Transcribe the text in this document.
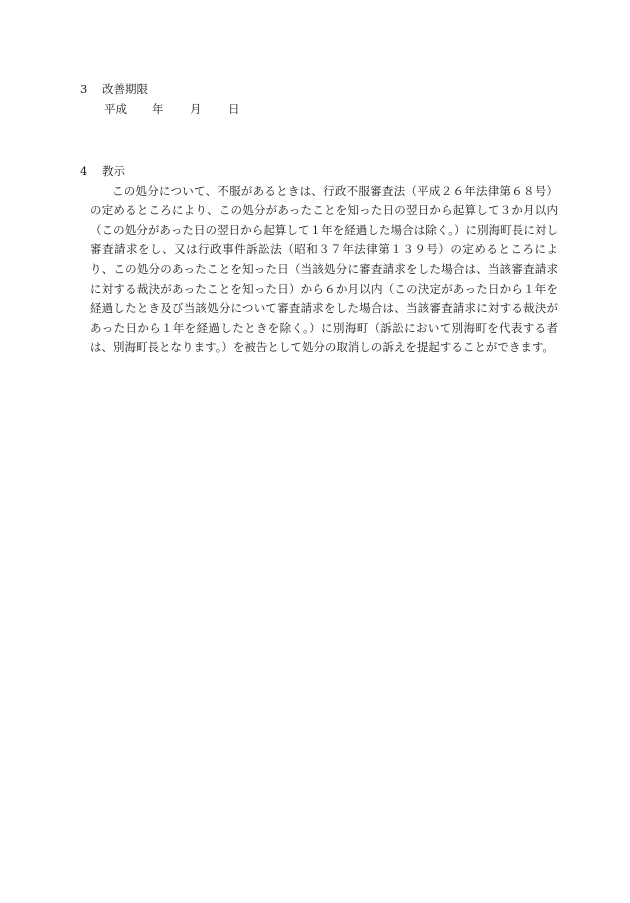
3	改善期限
平成 年 月 日
4	教示

この処分について、不服があるときは、行政不服審査法（平成２６年法律第６８号）の定めるところにより、この処分があったことを知った日の翌日から起算して３か月以内（この処分があった日の翌日から起算して１年を経過した場合は除く。）に別海町長に対し審査請求をし、又は行政事件訴訟法（昭和３７年法律第１３９号）の定めるところにより、この処分のあったことを知った日（当該処分に審査請求をした場合は、当該審査請求に対する裁決があったことを知った日）から６か月以内（この決定があった日から１年を経過したとき及び当該処分について審査請求をした場合は、当該審査請求に対する裁決があった日から１年を経過したときを除く。）に別海町（訴訟において別海町を代表する者は、別海町長となります。）を被告として処分の取消しの訴えを提起することができます。
